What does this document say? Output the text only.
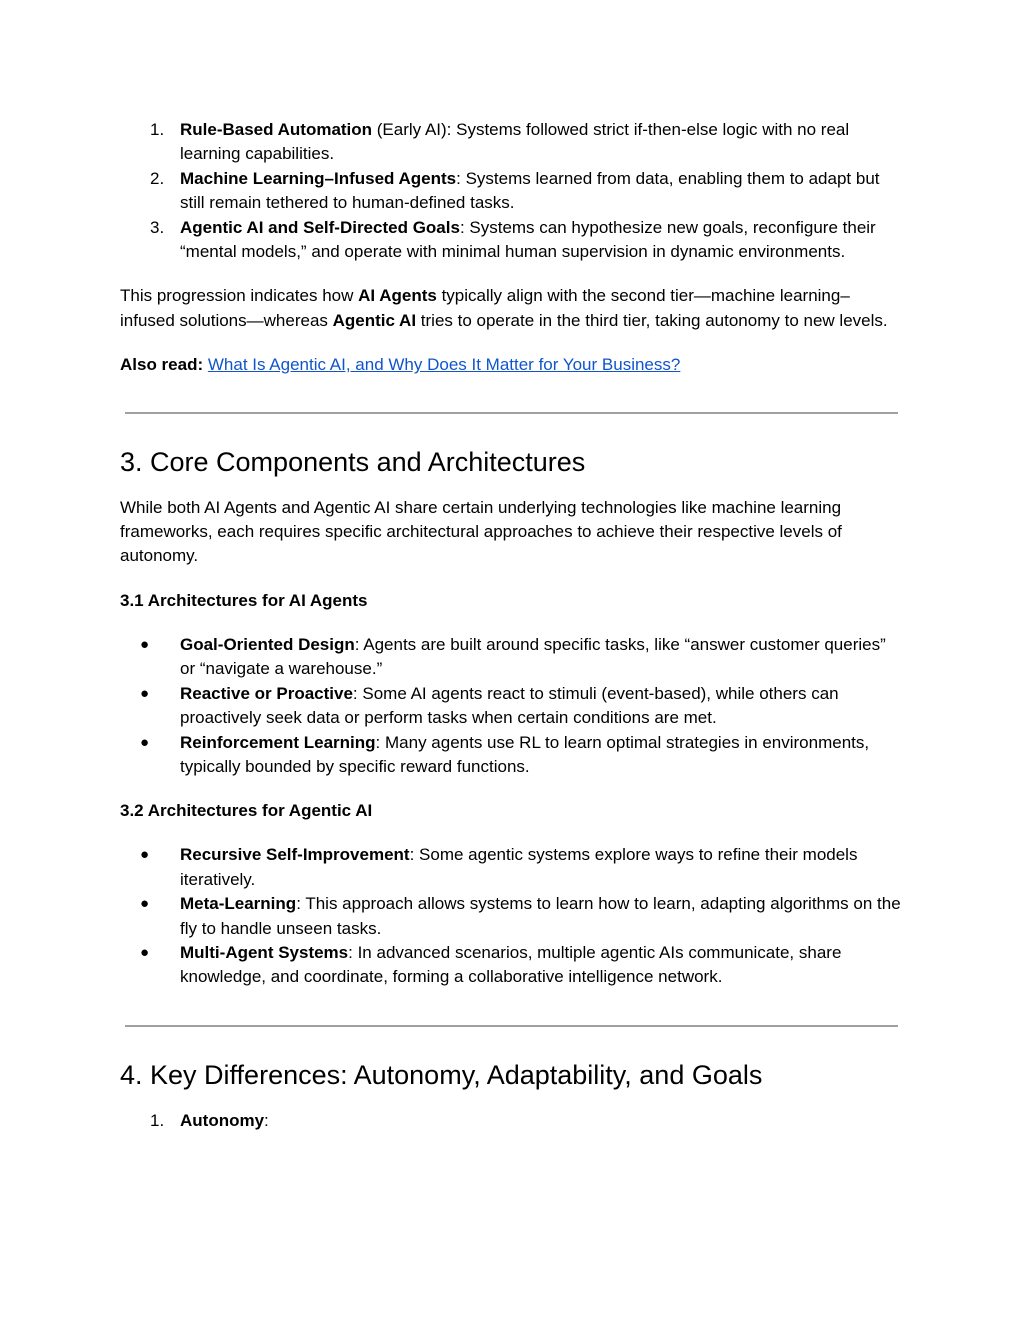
1. Rule-Based Automation (Early AI): Systems followed strict if-then-else logic with no real learning capabilities.
2. Machine Learning–Infused Agents: Systems learned from data, enabling them to adapt but still remain tethered to human-defined tasks.
3. Agentic AI and Self-Directed Goals: Systems can hypothesize new goals, reconfigure their “mental models,” and operate with minimal human supervision in dynamic environments.

This progression indicates how AI Agents typically align with the second tier—machine learning–infused solutions—whereas Agentic AI tries to operate in the third tier, taking autonomy to new levels.

Also read: What Is Agentic AI, and Why Does It Matter for Your Business?

3. Core Components and Architectures

While both AI Agents and Agentic AI share certain underlying technologies like machine learning frameworks, each requires specific architectural approaches to achieve their respective levels of autonomy.

3.1 Architectures for AI Agents
● Goal-Oriented Design: Agents are built around specific tasks, like “answer customer queries” or “navigate a warehouse.”
● Reactive or Proactive: Some AI agents react to stimuli (event-based), while others can proactively seek data or perform tasks when certain conditions are met.
● Reinforcement Learning: Many agents use RL to learn optimal strategies in environments, typically bounded by specific reward functions.
3.2 Architectures for Agentic AI
● Recursive Self-Improvement: Some agentic systems explore ways to refine their models iteratively.
● Meta-Learning: This approach allows systems to learn how to learn, adapting algorithms on the fly to handle unseen tasks.
● Multi-Agent Systems: In advanced scenarios, multiple agentic AIs communicate, share knowledge, and coordinate, forming a collaborative intelligence network.
4. Key Differences: Autonomy, Adaptability, and Goals
1. Autonomy:
